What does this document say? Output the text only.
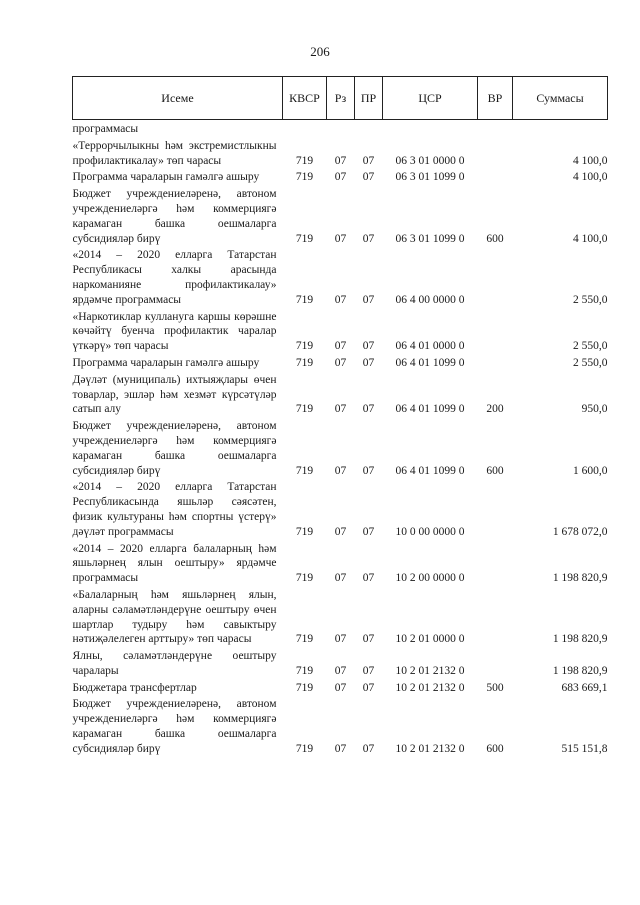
206
Исеме	КВСР	Рз	ПР	ЦСР	ВР	Суммасы

программасы						

«Террорчылыкны һәм экстремистлыкны профилактикалау» төп чарасы	719	07	07	06 3 01 0000 0		4 100,0

Программа чараларын гамәлгә ашыру	719	07	07	06 3 01 1099 0		4 100,0

Бюджет учреждениеләренә, автоном учреждениеләргә һәм коммерциягә карамаган башка оешмаларга субсидияләр бирү	719	07	07	06 3 01 1099 0	600	4 100,0

«2014 – 2020 елларга Татарстан Республикасы халкы арасында наркоманияне профилактикалау» ярдәмче программасы	719	07	07	06 4 00 0000 0		2 550,0

«Наркотиклар кулланугa каршы көрәшне көчәйтү буенча профилактик чаралар үткәрү» төп чарасы	719	07	07	06 4 01 0000 0		2 550,0

Программа чараларын гамәлгә ашыру	719	07	07	06 4 01 1099 0		2 550,0

Дәүләт (муниципаль) ихтыяҗлары өчен товарлар, эшләр һәм хезмәт күрсәтүләр сатып алу	719	07	07	06 4 01 1099 0	200	950,0

Бюджет учреждениеләренә, автоном учреждениеләргә һәм коммерциягә карамаган башка оешмаларга субсидияләр бирү	719	07	07	06 4 01 1099 0	600	1 600,0

«2014 – 2020 елларга Татарстан Республикасында яшьләр сәясәтен, физик культураны һәм спортны үстерү» дәүләт программасы	719	07	07	10 0 00 0000 0		1 678 072,0

«2014 – 2020 елларга балаларның һәм яшьләрнең ялын оештыру» ярдәмче программасы	719	07	07	10 2 00 0000 0		1 198 820,9

«Балаларның һәм яшьләрнең ялын, аларны сәламәтләндерүне оештыру өчен шартлар тудыру һәм савыктыру нәтиҗәлелеген арттыру» төп чарасы	719	07	07	10 2 01 0000 0		1 198 820,9

Ялны, сәламәтләндерүне оештыру чаралары	719	07	07	10 2 01 2132 0		1 198 820,9

Бюджетара трансфертлар	719	07	07	10 2 01 2132 0	500	683 669,1

Бюджет учреждениеләренә, автоном учреждениеләргә һәм коммерциягә карамаган башка оешмаларга субсидияләр бирү	719	07	07	10 2 01 2132 0	600	515 151,8
